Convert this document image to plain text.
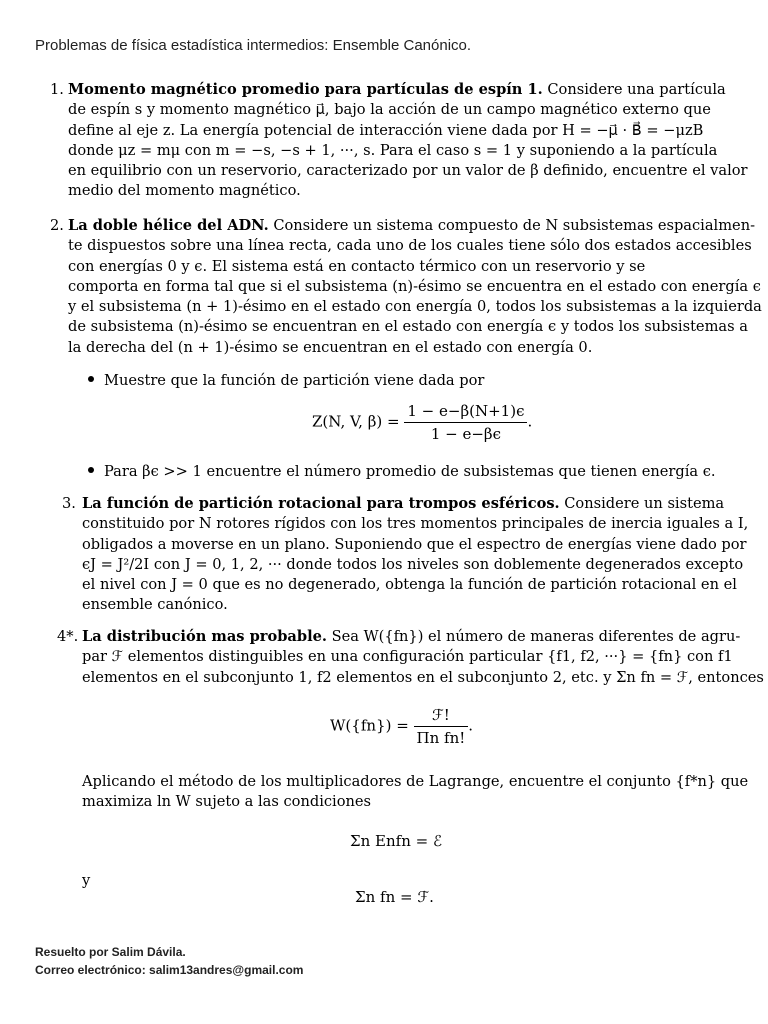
Problemas de física estadística intermedios: Ensemble Canónico.
1. Momento magnético promedio para partículas de espín 1. Considere una partícula
de espín s y momento magnético μ⃗, bajo la acción de un campo magnético externo que
define al eje z. La energía potencial de interacción viene dada por H = −μ⃗ · B⃗ = −μzB
donde μz = mμ con m = −s, −s + 1, ···, s. Para el caso s = 1 y suponiendo a la partícula
en equilibrio con un reservorio, caracterizado por un valor de β definido, encuentre el valor
medio del momento magnético.
2. La doble hélice del ADN. Considere un sistema compuesto de N subsistemas espacialmen-
te dispuestos sobre una línea recta, cada uno de los cuales tiene sólo dos estados accesibles
con energías 0 y ϵ. El sistema está en contacto térmico con un reservorio y se
comporta en forma tal que si el subsistema (n)-ésimo se encuentra en el estado con energía ϵ
y el subsistema (n + 1)-ésimo en el estado con energía 0, todos los subsistemas a la izquierda
de subsistema (n)-ésimo se encuentran en el estado con energía ϵ y todos los subsistemas a
la derecha del (n + 1)-ésimo se encuentran en el estado con energía 0.
Muestre que la función de partición viene dada por
Z(N, V, $\beta) = \frac{1 - e-\beta(N+1)\epsilon}{1 - e-\beta\epsilon}$ .
Para βϵ >> 1 encuentre el número promedio de subsistemas que tienen energía ϵ.
3. La función de partición rotacional para trompos esféricos. Considere un sistema
constituido por N rotores rígidos con los tres momentos principales de inercia iguales a I,
obligados a moverse en un plano. Suponiendo que el espectro de energías viene dado por
ϵJ = J²/2I con J = 0, 1, 2, ··· donde todos los niveles son doblemente degenerados excepto
el nivel con J = 0 que es no degenerado, obtenga la función de partición rotacional en el
ensemble canónico.
4*. La distribución mas probable. Sea W({fn}) el número de maneras diferentes de agru-
par ℱ elementos distinguibles en una configuración particular {f1, f2, ···} = {fn} con f1
elementos en el subconjunto 1, f2 elementos en el subconjunto 2, etc. y Σn fn = ℱ, entonces
$W(\{fn\}) = \frac{\text{ℱ!}}{\text{Πn fn!}}$ .
Aplicando el método de los multiplicadores de Lagrange, encuentre el conjunto {f*n} que
maximiza ln W sujeto a las condiciones
Σn Enfn = ℰ
y
Σn fn = ℱ.
Resuelto por Salim Dávila.
Correo electrónico: salim13andres@gmail.com
